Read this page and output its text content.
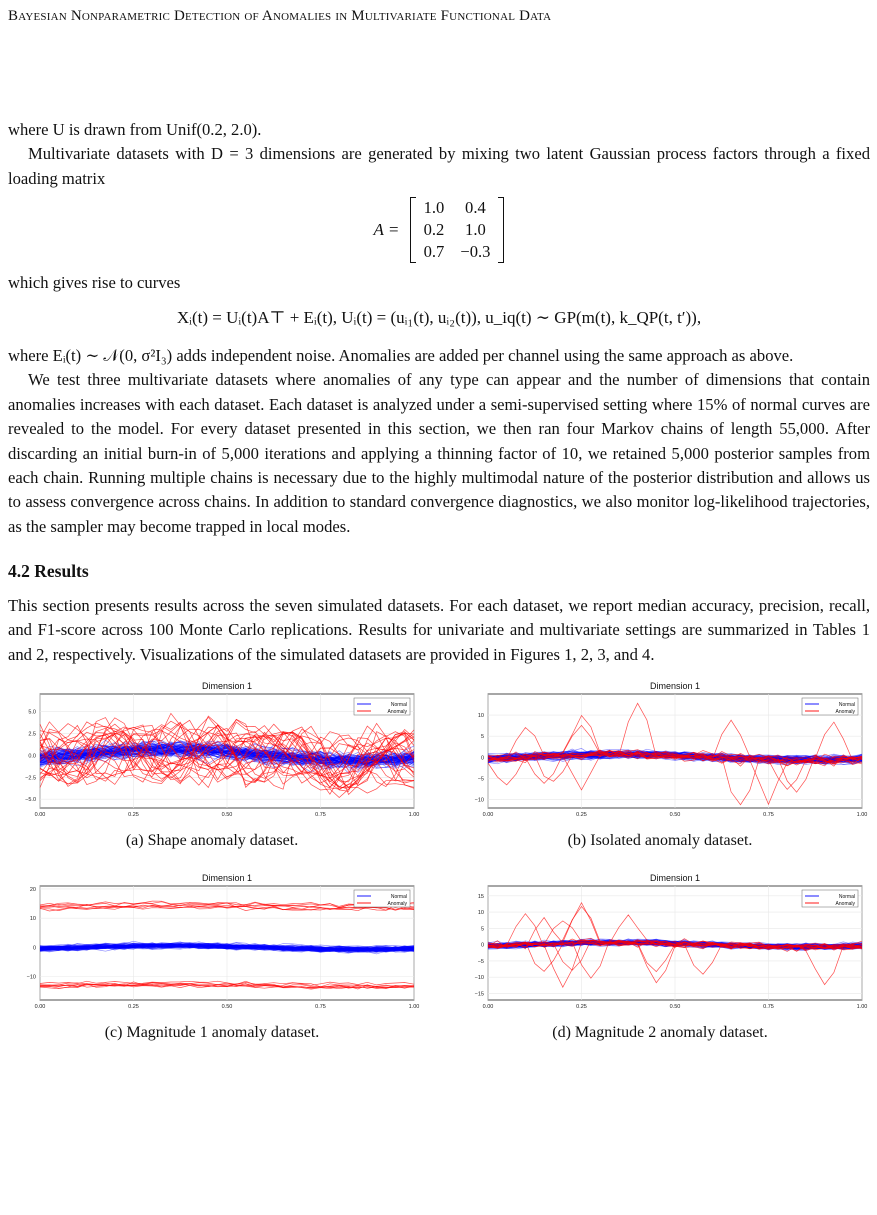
Bayesian Nonparametric Detection of Anomalies in Multivariate Functional Data

where U is drawn from Unif(0.2, 2.0).

Multivariate datasets with D = 3 dimensions are generated by mixing two latent Gaussian process factors through a fixed loading matrix

A =
1.0	0.4
0.2	1.0
0.7	−0.3

which gives rise to curves

Xᵢ(t) = Uᵢ(t)A⊤ + Eᵢ(t), Uᵢ(t) = (uᵢ₁(t), uᵢ₂(t)), u_iq(t) ∼ GP(m(t), k_QP(t, t′)),

where Eᵢ(t) ∼ 𝒩(0, σ²I₃) adds independent noise. Anomalies are added per channel using the same approach as above.

We test three multivariate datasets where anomalies of any type can appear and the number of dimensions that contain anomalies increases with each dataset. Each dataset is analyzed under a semi-supervised setting where 15% of normal curves are revealed to the model. For every dataset presented in this section, we then ran four Markov chains of length 55,000. After discarding an initial burn-in of 5,000 iterations and applying a thinning factor of 10, we retained 5,000 posterior samples from each chain. Running multiple chains is necessary due to the highly multimodal nature of the posterior distribution and allows us to assess convergence across chains. In addition to standard convergence diagnostics, we also monitor log-likelihood trajectories, as the sampler may become trapped in local modes.

4.2 Results

This section presents results across the seven simulated datasets. For each dataset, we report median accuracy, precision, recall, and F1-score across 100 Monte Carlo replications. Results for univariate and multivariate settings are summarized in Tables 1 and 2, respectively. Visualizations of the simulated datasets are provided in Figures 1, 2, 3, and 4.

Dimension 1
5.0
2.5
0.0
−2.5
−5.0
0.00	0.25	0.50	0.75	1.00
Normal
Anomaly
(a) Shape anomaly dataset.
Dimension 1
10
5
0
−5
−10
0.00	0.25	0.50	0.75	1.00
Normal
Anomaly
(b) Isolated anomaly dataset.
Dimension 1
20
10
0
−10
0.00	0.25	0.50	0.75	1.00
Normal
Anomaly
(c) Magnitude 1 anomaly dataset.
Dimension 1
15
10
5
0
−5
−10
−15
0.00	0.25	0.50	0.75	1.00
Normal
Anomaly
(d) Magnitude 2 anomaly dataset.
